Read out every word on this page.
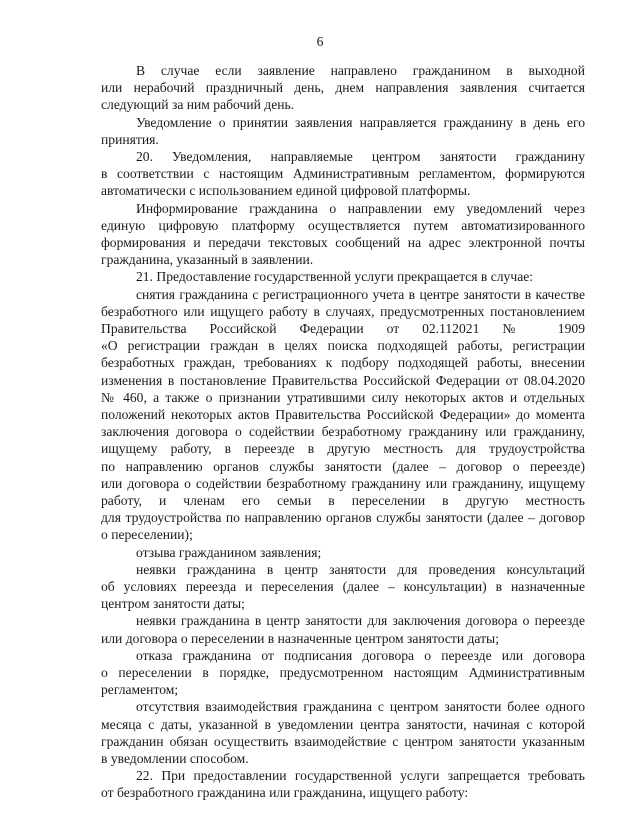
6
В случае если заявление направлено гражданином в выходной
или нерабочий праздничный день, днем направления заявления считается
следующий за ним рабочий день.
Уведомление о принятии заявления направляется гражданину в день его
принятия.
20. Уведомления, направляемые центром занятости гражданину
в соответствии с настоящим Административным регламентом, формируются
автоматически с использованием единой цифровой платформы.
Информирование гражданина о направлении ему уведомлений через
единую цифровую платформу осуществляется путем автоматизированного
формирования и передачи текстовых сообщений на адрес электронной почты
гражданина, указанный в заявлении.
21. Предоставление государственной услуги прекращается в случае:
снятия гражданина с регистрационного учета в центре занятости в качестве
безработного или ищущего работу в случаях, предусмотренных постановлением
Правительства Российской Федерации от 02.112021 № 1909
«О регистрации граждан в целях поиска подходящей работы, регистрации
безработных граждан, требованиях к подбору подходящей работы, внесении
изменения в постановление Правительства Российской Федерации от 08.04.2020
№ 460, а также о признании утратившими силу некоторых актов и отдельных
положений некоторых актов Правительства Российской Федерации» до момента
заключения договора о содействии безработному гражданину или гражданину,
ищущему работу, в переезде в другую местность для трудоустройства
по направлению органов службы занятости (далее – договор о переезде)
или договора о содействии безработному гражданину или гражданину, ищущему
работу, и членам его семьи в переселении в другую местность
для трудоустройства по направлению органов службы занятости (далее – договор
о переселении);
отзыва гражданином заявления;
неявки гражданина в центр занятости для проведения консультаций
об условиях переезда и переселения (далее – консультации) в назначенные
центром занятости даты;
неявки гражданина в центр занятости для заключения договора о переезде
или договора о переселении в назначенные центром занятости даты;
отказа гражданина от подписания договора о переезде или договора
о переселении в порядке, предусмотренном настоящим Административным
регламентом;
отсутствия взаимодействия гражданина с центром занятости более одного
месяца с даты, указанной в уведомлении центра занятости, начиная с которой
гражданин обязан осуществить взаимодействие с центром занятости указанным
в уведомлении способом.
22. При предоставлении государственной услуги запрещается требовать
от безработного гражданина или гражданина, ищущего работу:
